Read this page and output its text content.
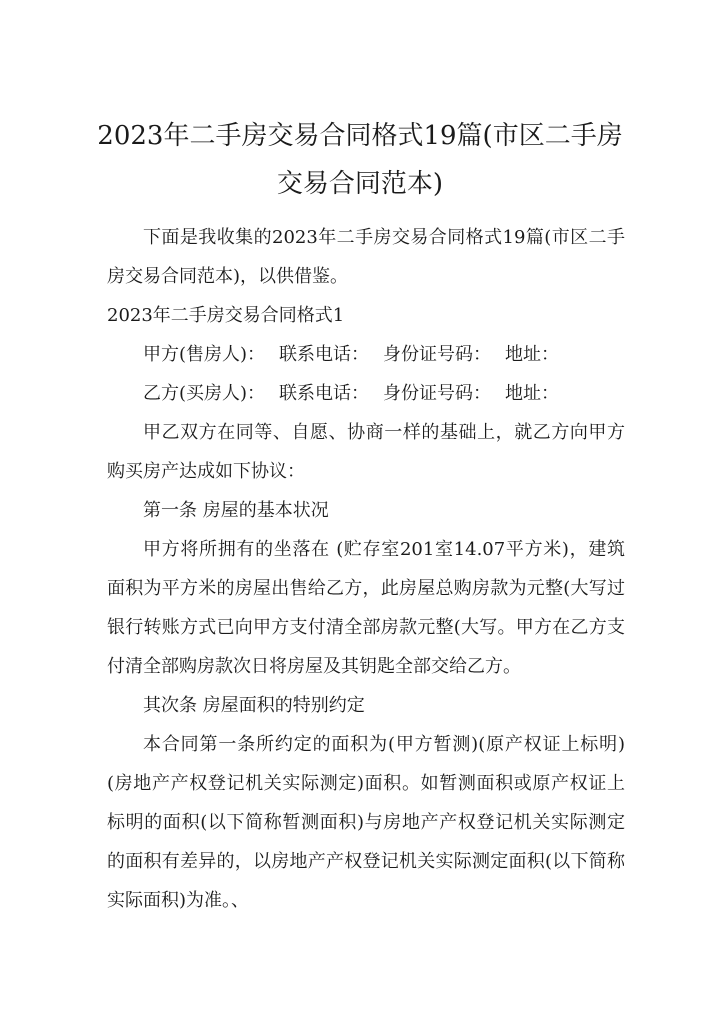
2023年二手房交易合同格式19篇(市区二手房交易合同范本)

下面是我收集的2023年二手房交易合同格式19篇(市区二手房交易合同范本)，以供借鉴。

2023年二手房交易合同格式1

甲方(售房人)： 联系电话： 身份证号码： 地址：

乙方(买房人)： 联系电话： 身份证号码： 地址：

甲乙双方在同等、自愿、协商一样的基础上，就乙方向甲方购买房产达成如下协议：

第一条 房屋的基本状况

甲方将所拥有的坐落在 (贮存室201室14.07平方米)，建筑面积为平方米的房屋出售给乙方，此房屋总购房款为元整(大写过银行转账方式已向甲方支付清全部房款元整(大写。甲方在乙方支付清全部购房款次日将房屋及其钥匙全部交给乙方。

其次条 房屋面积的特别约定

本合同第一条所约定的面积为(甲方暂测)(原产权证上标明)(房地产产权登记机关实际测定)面积。如暂测面积或原产权证上标明的面积(以下简称暂测面积)与房地产产权登记机关实际测定的面积有差异的，以房地产产权登记机关实际测定面积(以下简称实际面积)为准。、
